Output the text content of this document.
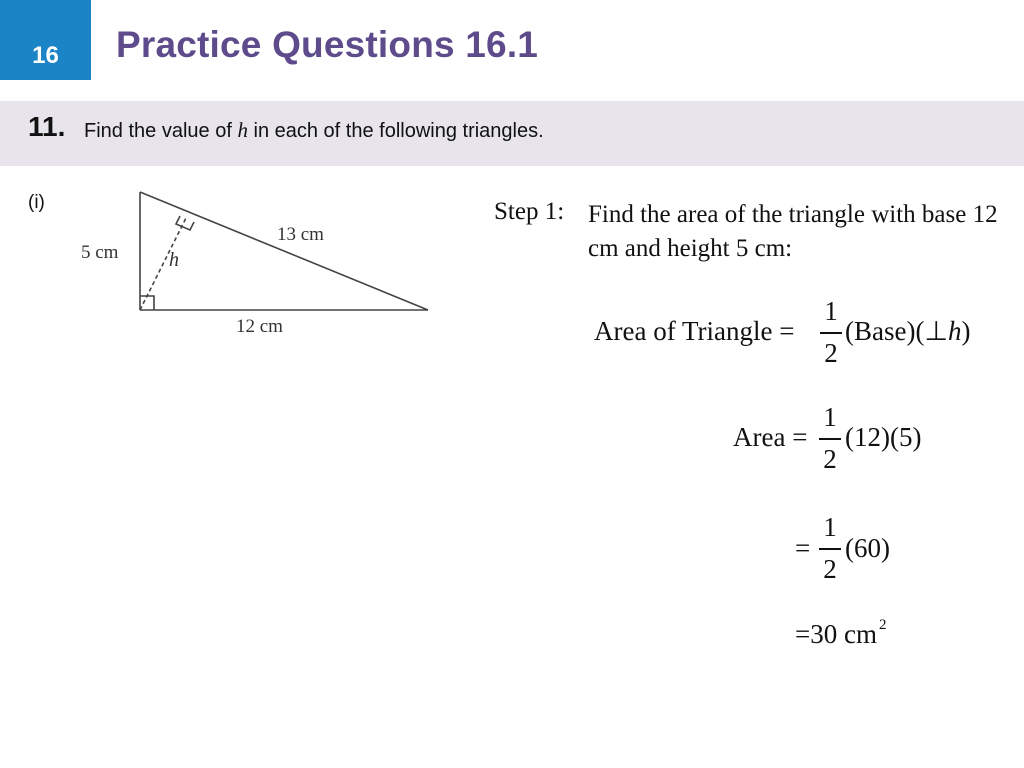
16 Practice Questions 16.1
11. Find the value of h in each of the following triangles.
(i)
5 cm
13 cm
12 cm
h
Step 1: Find the area of the triangle with base 12 cm and height 5 cm:
Area of Triangle =
1
2
(Base)(⊥h)
Area =
1
2
(12)(5)
=
1
2
(60)
=30 cm $^2$
